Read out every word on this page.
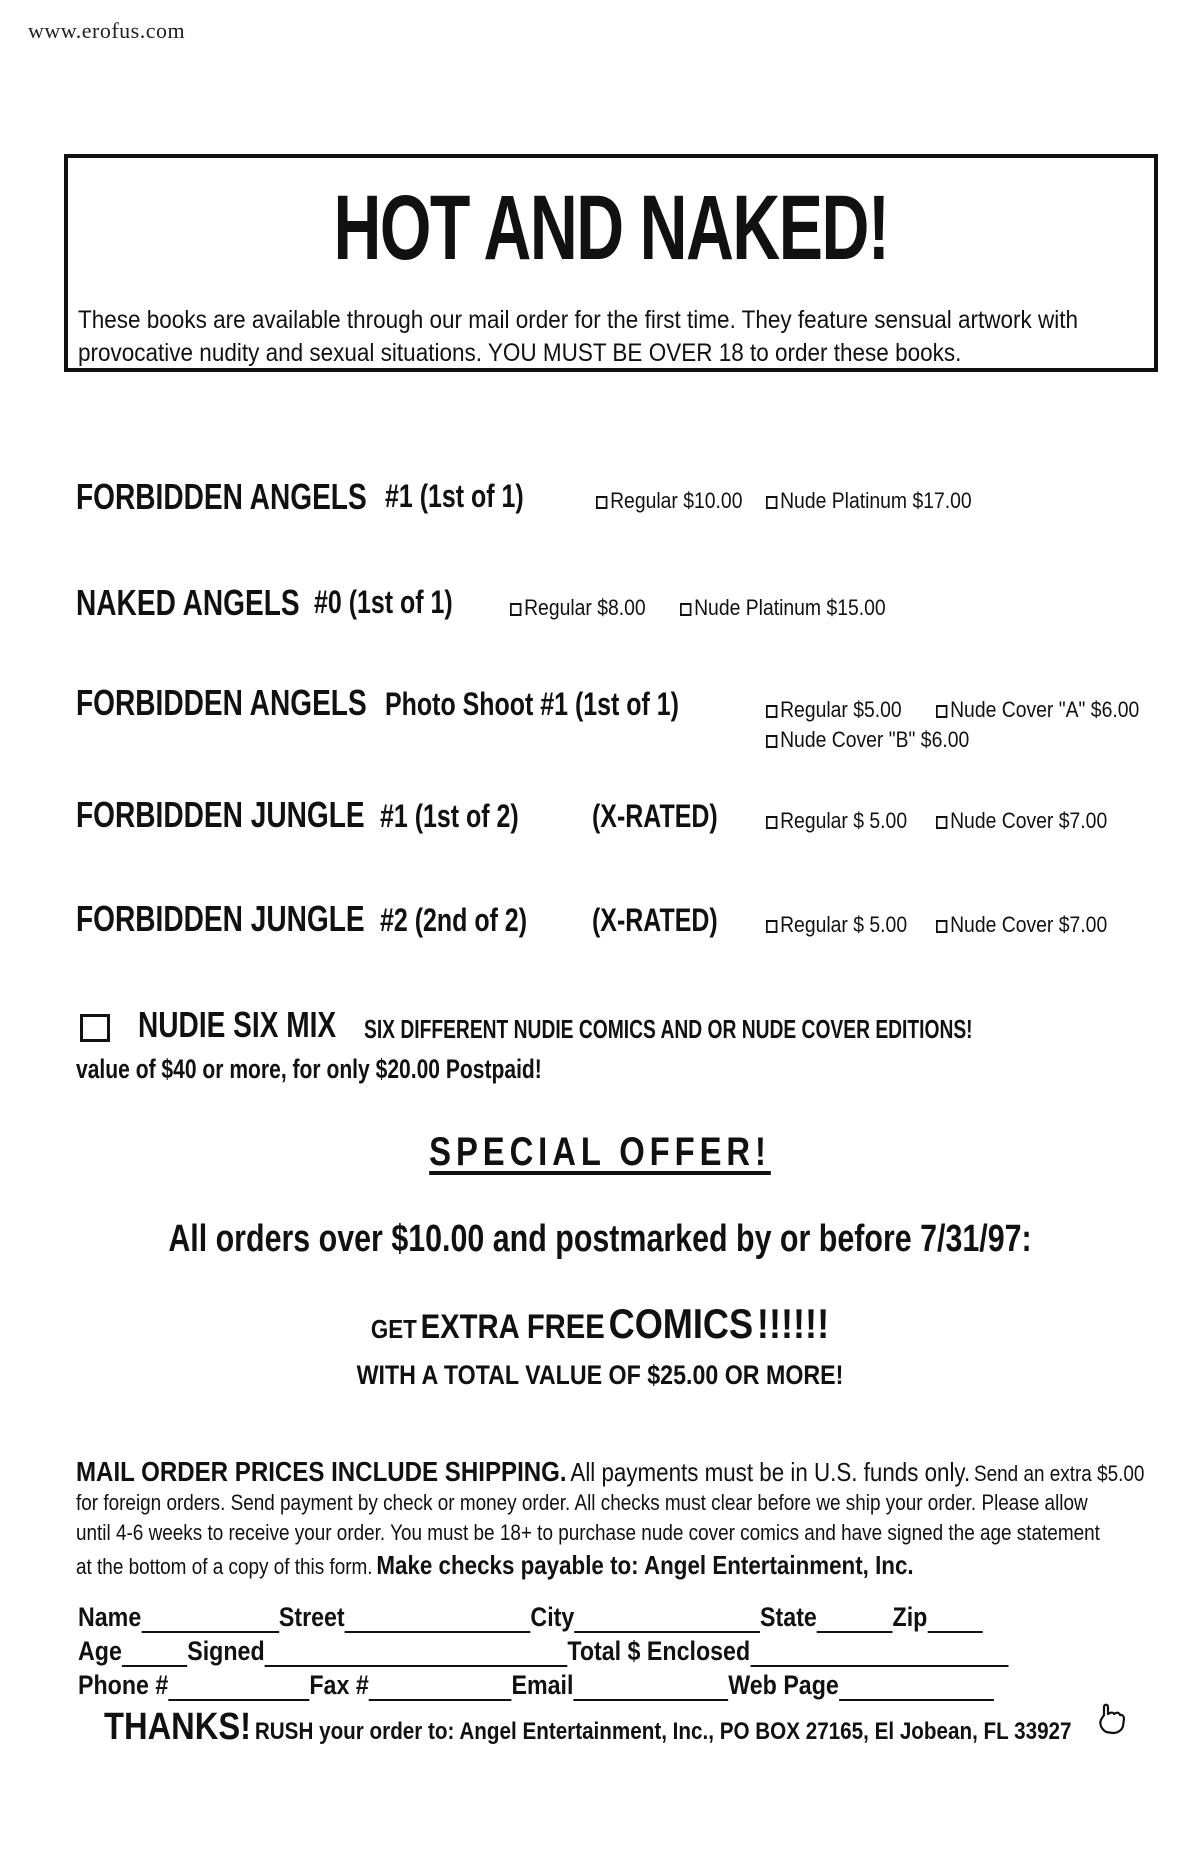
www.erofus.com
HOT AND NAKED!
These books are available through our mail order for the first time. They feature sensual artwork with
provocative nudity and sexual situations. YOU MUST BE OVER 18 to order these books.
FORBIDDEN ANGELS #1 (1st of 1)	Regular $10.00	Nude Platinum $17.00
NAKED ANGELS #0 (1st of 1)	Regular $8.00	Nude Platinum $15.00
FORBIDDEN ANGELS Photo Shoot #1 (1st of 1)	Regular $5.00	Nude Cover "A" $6.00
Nude Cover "B" $6.00
FORBIDDEN JUNGLE #1 (1st of 2) (X-RATED)	Regular $ 5.00	Nude Cover $7.00
FORBIDDEN JUNGLE #2 (2nd of 2) (X-RATED)	Regular $ 5.00	Nude Cover $7.00
NUDIE SIX MIX SIX DIFFERENT NUDIE COMICS AND OR NUDE COVER EDITIONS!
value of $40 or more, for only $20.00 Postpaid!
SPECIAL OFFER!
All orders over $10.00 and postmarked by or before 7/31/97:
GET EXTRA FREE COMICS !!!!!!
WITH A TOTAL VALUE OF $25.00 OR MORE!
MAIL ORDER PRICES INCLUDE SHIPPING. All payments must be in U.S. funds only. Send an extra $5.00
for foreign orders. Send payment by check or money order. All checks must clear before we ship your order. Please allow
until 4-6 weeks to receive your order. You must be 18+ to purchase nude cover comics and have signed the age statement
at the bottom of a copy of this form. Make checks payable to: Angel Entertainment, Inc.
Name	Street	City	State	Zip
Age Signed	Total $ Enclosed
Phone #	Fax #	Email	Web Page
THANKS! RUSH your order to: Angel Entertainment, Inc., PO BOX 27165, El Jobean, FL 33927
